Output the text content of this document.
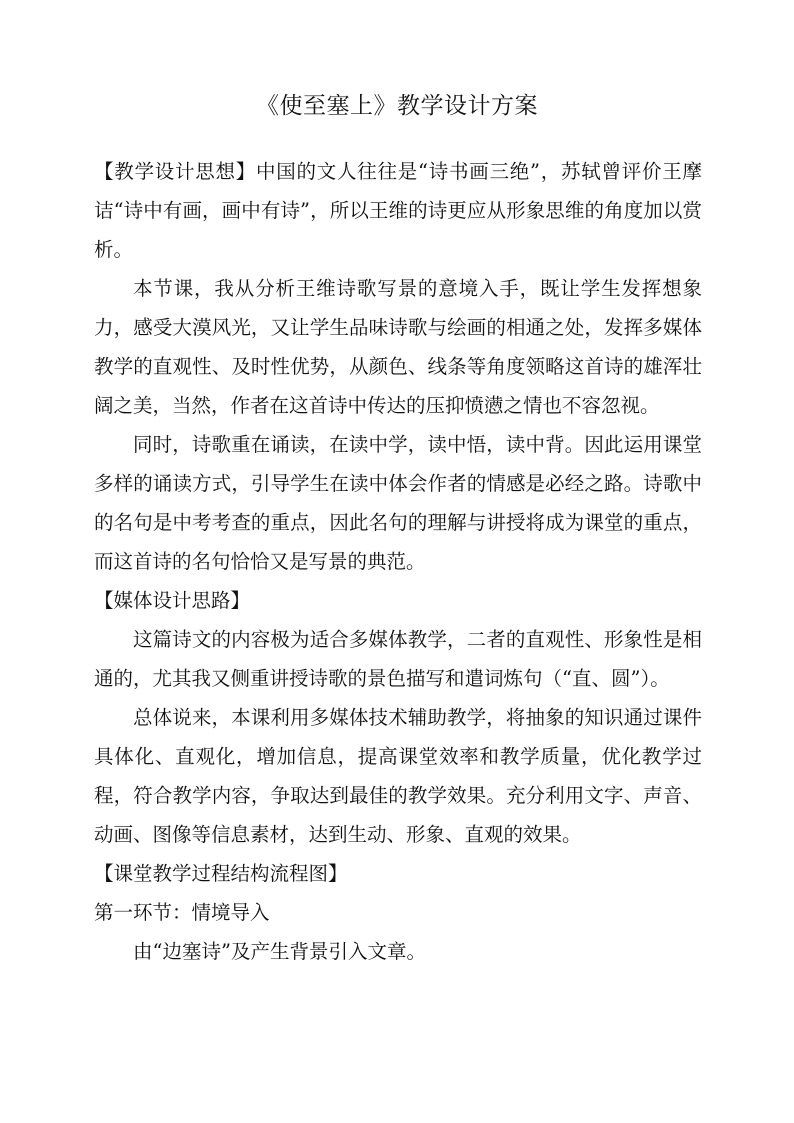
《使至塞上》教学设计方案

【教学设计思想】中国的文人往往是“诗书画三绝”，苏轼曾评价王摩诘“诗中有画，画中有诗”，所以王维的诗更应从形象思维的角度加以赏析。

本节课，我从分析王维诗歌写景的意境入手，既让学生发挥想象力，感受大漠风光，又让学生品味诗歌与绘画的相通之处，发挥多媒体教学的直观性、及时性优势，从颜色、线条等角度领略这首诗的雄浑壮阔之美，当然，作者在这首诗中传达的压抑愤懑之情也不容忽视。

同时，诗歌重在诵读，在读中学，读中悟，读中背。因此运用课堂多样的诵读方式，引导学生在读中体会作者的情感是必经之路。诗歌中的名句是中考考查的重点，因此名句的理解与讲授将成为课堂的重点，而这首诗的名句恰恰又是写景的典范。

【媒体设计思路】

这篇诗文的内容极为适合多媒体教学，二者的直观性、形象性是相通的，尤其我又侧重讲授诗歌的景色描写和遣词炼句（“直、圆”）。

总体说来，本课利用多媒体技术辅助教学，将抽象的知识通过课件具体化、直观化，增加信息，提高课堂效率和教学质量，优化教学过程，符合教学内容，争取达到最佳的教学效果。充分利用文字、声音、动画、图像等信息素材，达到生动、形象、直观的效果。

【课堂教学过程结构流程图】

第一环节：情境导入

由“边塞诗”及产生背景引入文章。
